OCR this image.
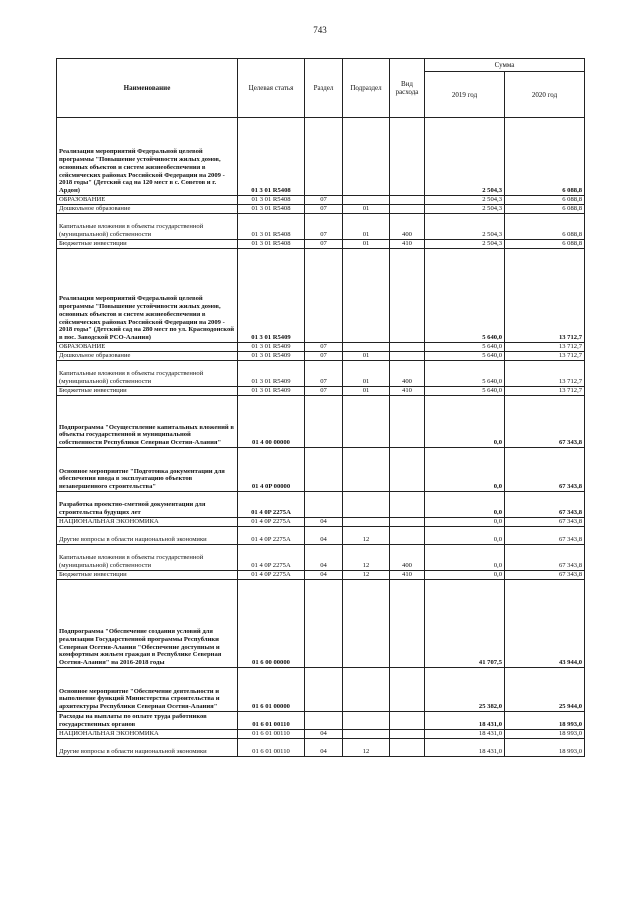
743
Наименование	Целевая статья	Раздел	Подраздел	Вид расхода	Сумма	
					2019 год	2020 год
Реализация мероприятий Федеральной целевой программы "Повышение устойчивости жилых домов, основных объектов и систем жизнеобеспечения в сейсмических районах Российской Федерации на 2009 - 2018 годы" (Детский сад на 120 мест в с. Советов и г. Ардон)	01 3 01 R5408				2 504,3	6 088,8
ОБРАЗОВАНИЕ	01 3 01 R5408	07			2 504,3	6 088,8
Дошкольное образование	01 3 01 R5408	07	01		2 504,3	6 088,8
Капитальные вложения в объекты государственной (муниципальной) собственности	01 3 01 R5408	07	01	400	2 504,3	6 088,8
Бюджетные инвестиции	01 3 01 R5408	07	01	410	2 504,3	6 088,8
Реализация мероприятий Федеральной целевой программы "Повышение устойчивости жилых домов, основных объектов и систем жизнеобеспечения в сейсмических районах Российской Федерации на 2009 - 2018 годы" (Детский сад на 280 мест по ул. Краснодонской в пос. Заводской РСО-Алания)	01 3 01 R5409				5 640,0	13 712,7
ОБРАЗОВАНИЕ	01 3 01 R5409	07			5 640,0	13 712,7
Дошкольное образование	01 3 01 R5409	07	01		5 640,0	13 712,7
Капитальные вложения в объекты государственной (муниципальной) собственности	01 3 01 R5409	07	01	400	5 640,0	13 712,7
Бюджетные инвестиции	01 3 01 R5409	07	01	410	5 640,0	13 712,7
Подпрограмма "Осуществление капитальных вложений в объекты государственной и муниципальной собственности Республики Северная Осетия-Алания"	01 4 00 00000				0,0	67 343,8
Основное мероприятие "Подготовка документации для обеспечения ввода в эксплуатацию объектов незавершенного строительства"	01 4 0P 00000				0,0	67 343,8
Разработка проектно-сметной документации для строительства будущих лет	01 4 0P 2275A				0,0	67 343,8
НАЦИОНАЛЬНАЯ ЭКОНОМИКА	01 4 0P 2275A	04			0,0	67 343,8
Другие вопросы в области национальной экономики	01 4 0P 2275A	04	12		0,0	67 343,8
Капитальные вложения в объекты государственной (муниципальной) собственности	01 4 0P 2275A	04	12	400	0,0	67 343,8
Бюджетные инвестиции	01 4 0P 2275A	04	12	410	0,0	67 343,8
Подпрограмма "Обеспечение создания условий для реализации Государственной программы Республики Северная Осетия-Алания "Обеспечение доступным и комфортным жильем граждан в Республике Северная Осетия-Алания" на 2016-2018 годы	01 6 00 00000				41 707,5	43 944,0
Основное мероприятие "Обеспечение деятельности и выполнение функций Министерства строительства и архитектуры Республики Северная Осетия-Алания"	01 6 01 00000				25 382,0	25 944,0
Расходы на выплаты по оплате труда работников государственных органов	01 6 01 00110				18 431,0	18 993,0
НАЦИОНАЛЬНАЯ ЭКОНОМИКА	01 6 01 00110	04			18 431,0	18 993,0
Другие вопросы в области национальной экономики	01 6 01 00110	04	12		18 431,0	18 993,0
